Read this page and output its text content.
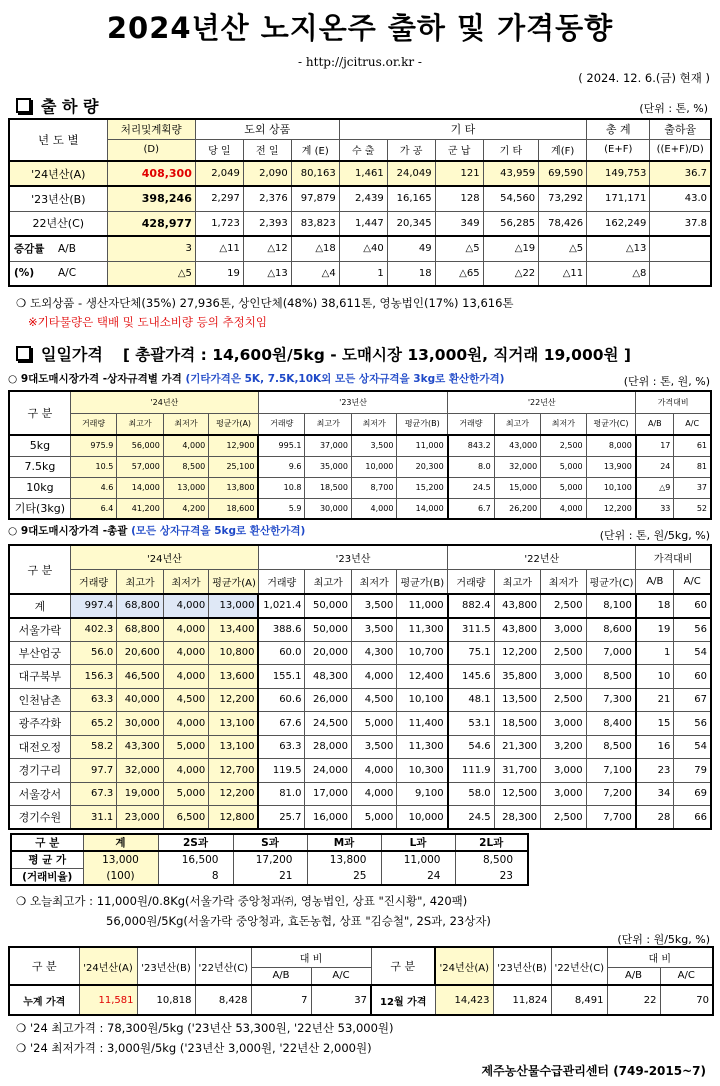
2024년산 노지온주 출하 및 가격동향
- http://jcitrus.or.kr -
( 2024. 12. 6.(금) 현재 )
출 하 량	(단위 : 톤, %)
년 도 별	처리및계획량	도외 상품			기 타					총 계	출하율
	(D)	당 일	전 일	계 (E)	수 출	가 공	군 납	기 타	계(F)	(E+F)	((E+F)/D)
'24년산(A)	408,300	2,049	2,090	80,163	1,461	24,049	121	43,959	69,590	149,753	36.7
'23년산(B)	398,246	2,297	2,376	97,879	2,439	16,165	128	54,560	73,292	171,171	43.0
22년산(C)	428,977	1,723	2,393	83,823	1,447	20,345	349	56,285	78,426	162,249	37.8
증감률 A/B	3	△11	△12	△18	△40	49	△5	△19	△5	△13	
(%) A/C	△5	19	△13	△4	1	18	△65	△22	△11	△8	
❍ 도외상품 - 생산자단체(35%) 27,936톤, 상인단체(48%) 38,611톤, 영농법인(17%) 13,616톤
※기타물량은 택배 및 도내소비량 등의 추정치임
일일가격 [ 총괄가격 : 14,600원/5kg - 도매시장 13,000원, 직거래 19,000원 ]
○ 9대도매시장가격 -상자규격별 가격 (기타가격은 5K, 7.5K,10K외 모든 상자규격을 3kg로 환산한가격)	(단위 : 톤, 원, %)
구 분	'24년산				'23년산				'22년산				가격대비	
	거래량	최고가	최저가	평균가(A)	거래량	최고가	최저가	평균가(B)	거래량	최고가	최저가	평균가(C)	A/B	A/C
5kg	975.9	56,000	4,000	12,900	995.1	37,000	3,500	11,000	843.2	43,000	2,500	8,000	17	61
7.5kg	10.5	57,000	8,500	25,100	9.6	35,000	10,000	20,300	8.0	32,000	5,000	13,900	24	81
10kg	4.6	14,000	13,000	13,800	10.8	18,500	8,700	15,200	24.5	15,000	5,000	10,100	△9	37
기타(3kg)	6.4	41,200	4,200	18,600	5.9	30,000	4,000	14,000	6.7	26,200	4,000	12,200	33	52
○ 9대도매시장가격 -총괄 (모든 상자규격을 5kg로 환산한가격)	(단위 : 톤, 원/5kg, %)
구 분	'24년산				'23년산				'22년산				가격대비	
	거래량	최고가	최저가	평균가(A)	거래량	최고가	최저가	평균가(B)	거래량	최고가	최저가	평균가(C)	A/B	A/C
계	997.4	68,800	4,000	13,000	1,021.4	50,000	3,500	11,000	882.4	43,800	2,500	8,100	18	60
서울가락	402.3	68,800	4,000	13,400	388.6	50,000	3,500	11,300	311.5	43,800	3,000	8,600	19	56
부산엄궁	56.0	20,600	4,000	10,800	60.0	20,000	4,300	10,700	75.1	12,200	2,500	7,000	1	54
대구북부	156.3	46,500	4,000	13,600	155.1	48,300	4,000	12,400	145.6	35,800	3,000	8,500	10	60
인천남촌	63.3	40,000	4,500	12,200	60.6	26,000	4,500	10,100	48.1	13,500	2,500	7,300	21	67
광주각화	65.2	30,000	4,000	13,100	67.6	24,500	5,000	11,400	53.1	18,500	3,000	8,400	15	56
대전오정	58.2	43,300	5,000	13,100	63.3	28,000	3,500	11,300	54.6	21,300	3,200	8,500	16	54
경기구리	97.7	32,000	4,000	12,700	119.5	24,000	4,000	10,300	111.9	31,700	3,000	7,100	23	79
서울강서	67.3	19,000	5,000	12,200	81.0	17,000	4,000	9,100	58.0	12,500	3,000	7,200	34	69
경기수원	31.1	23,000	6,500	12,800	25.7	16,000	5,000	10,000	24.5	28,300	2,500	7,700	28	66
구 분	계	2S과	S과	M과	L과	2L과
평 균 가	13,000	16,500	17,200	13,800	11,000	8,500
(거래비율)	(100)	8	21	25	24	23
❍ 오늘최고가 : 11,000원/0.8Kg(서울가락 중앙청과㈜, 영농법인, 상표 "진시황", 420팩)
56,000원/5Kg(서울가락 중앙청과, 효돈농협, 상표 "김승철", 2S과, 23상자)
(단위 : 원/5kg, %)
구 분	'24년산(A)	'23년산(B)	'22년산(C)	대 비		구 분	'24년산(A)	'23년산(B)	'22년산(C)	대 비	
				A/B	A/C					A/B	A/C
누계 가격	11,581	10,818	8,428	7	37	12월 가격	14,423	11,824	8,491	22	70
❍ '24 최고가격 : 78,300원/5kg ('23년산 53,300원, '22년산 53,000원)
❍ '24 최저가격 : 3,000원/5kg ('23년산 3,000원, '22년산 2,000원)
제주농산물수급관리센터 (749-2015~7)
